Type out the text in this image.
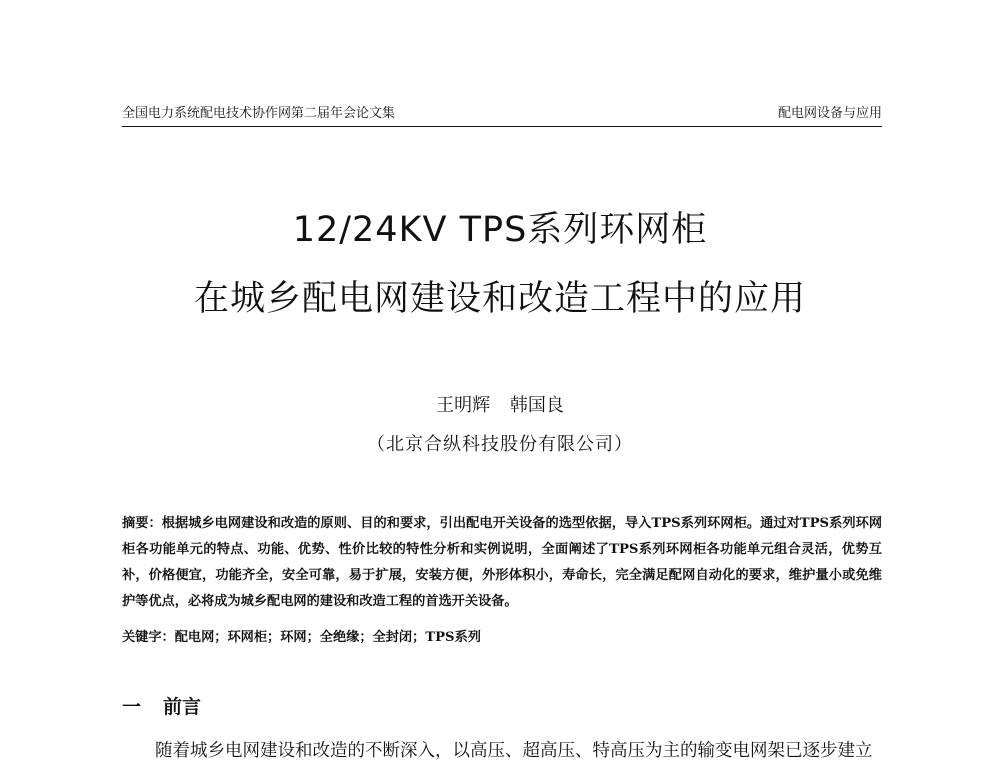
全国电力系统配电技术协作网第二届年会论文集	配电网设备与应用
12/24KV TPS系列环网柜
在城乡配电网建设和改造工程中的应用
王明辉 韩国良
（北京合纵科技股份有限公司）
摘要：根据城乡电网建设和改造的原则、目的和要求，引出配电开关设备的选型依据，导入TPS系列环网柜。通过对TPS系列环网柜各功能单元的特点、功能、优势、性价比较的特性分析和实例说明，全面阐述了TPS系列环网柜各功能单元组合灵活，优势互补，价格便宜，功能齐全，安全可靠，易于扩展，安装方便，外形体积小，寿命长，完全满足配网自动化的要求，维护量小或免维护等优点，必将成为城乡配电网的建设和改造工程的首选开关设备。
关键字：配电网；环网柜；环网；全绝缘；全封闭；TPS系列
一 前言
随着城乡电网建设和改造的不断深入，以高压、超高压、特高压为主的输变电网架已逐步建立
